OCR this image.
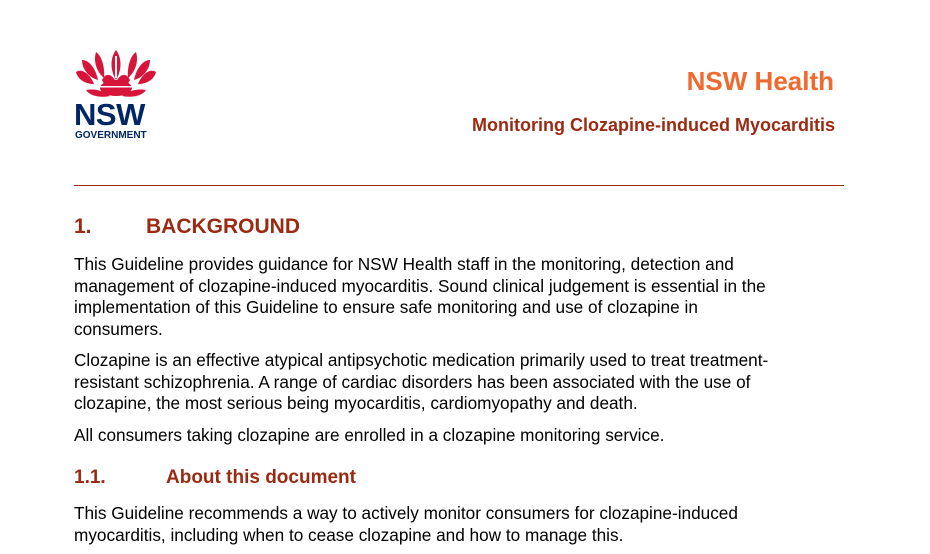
NSW
GOVERNMENT
NSW Health
Monitoring Clozapine-induced Myocarditis
1.	BACKGROUND
This Guideline provides guidance for NSW Health staff in the monitoring, detection and
management of clozapine-induced myocarditis. Sound clinical judgement is essential in the
implementation of this Guideline to ensure safe monitoring and use of clozapine in
consumers.
Clozapine is an effective atypical antipsychotic medication primarily used to treat treatment-
resistant schizophrenia. A range of cardiac disorders has been associated with the use of
clozapine, the most serious being myocarditis, cardiomyopathy and death.
All consumers taking clozapine are enrolled in a clozapine monitoring service.
1.1.	About this document
This Guideline recommends a way to actively monitor consumers for clozapine-induced
myocarditis, including when to cease clozapine and how to manage this.
